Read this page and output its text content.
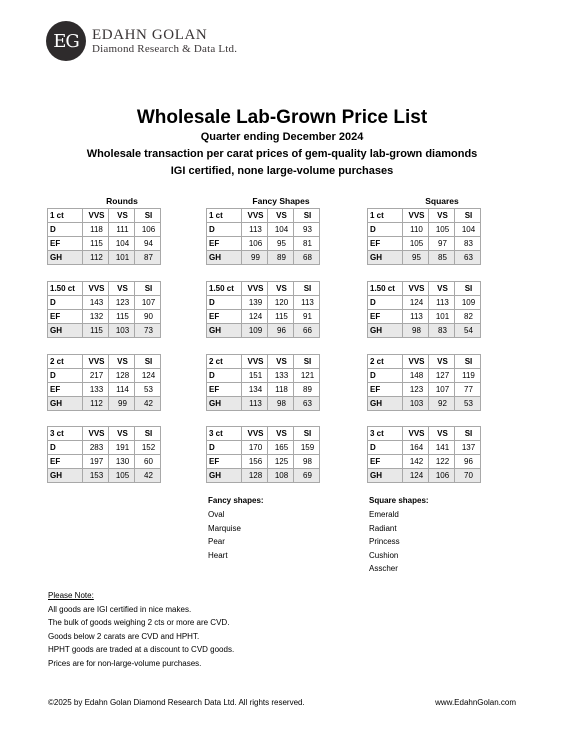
EG EDAHN GOLAN
Diamond Research & Data Ltd.
Wholesale Lab-Grown Price List
Quarter ending December 2024
Wholesale transaction per carat prices of gem-quality lab-grown diamonds
IGI certified, none large-volume purchases
Rounds
1 ct	VVS	VS	SI
D	118	111	106
EF	115	104	94
GH	112	101	87
1.50 ct	VVS	VS	SI
D	143	123	107
EF	132	115	90
GH	115	103	73
2 ct	VVS	VS	SI
D	217	128	124
EF	133	114	53
GH	112	99	42
3 ct	VVS	VS	SI
D	283	191	152
EF	197	130	60
GH	153	105	42
Fancy Shapes
1 ct	VVS	VS	SI
D	113	104	93
EF	106	95	81
GH	99	89	68
1.50 ct	VVS	VS	SI
D	139	120	113
EF	124	115	91
GH	109	96	66
2 ct	VVS	VS	SI
D	151	133	121
EF	134	118	89
GH	113	98	63
3 ct	VVS	VS	SI
D	170	165	159
EF	156	125	98
GH	128	108	69
Squares
1 ct	VVS	VS	SI
D	110	105	104
EF	105	97	83
GH	95	85	63
1.50 ct	VVS	VS	SI
D	124	113	109
EF	113	101	82
GH	98	83	54
2 ct	VVS	VS	SI
D	148	127	119
EF	123	107	77
GH	103	92	53
3 ct	VVS	VS	SI
D	164	141	137
EF	142	122	96
GH	124	106	70
Fancy shapes:
Oval
Marquise
Pear
Heart
Square shapes:
Emerald
Radiant
Princess
Cushion
Asscher
Please Note:
All goods are IGI certified in nice makes.
The bulk of goods weighing 2 cts or more are CVD.
Goods below 2 carats are CVD and HPHT.
HPHT goods are traded at a discount to CVD goods.
Prices are for non-large-volume purchases.
©2025 by Edahn Golan Diamond Research Data Ltd. All rights reserved.	www.EdahnGolan.com
